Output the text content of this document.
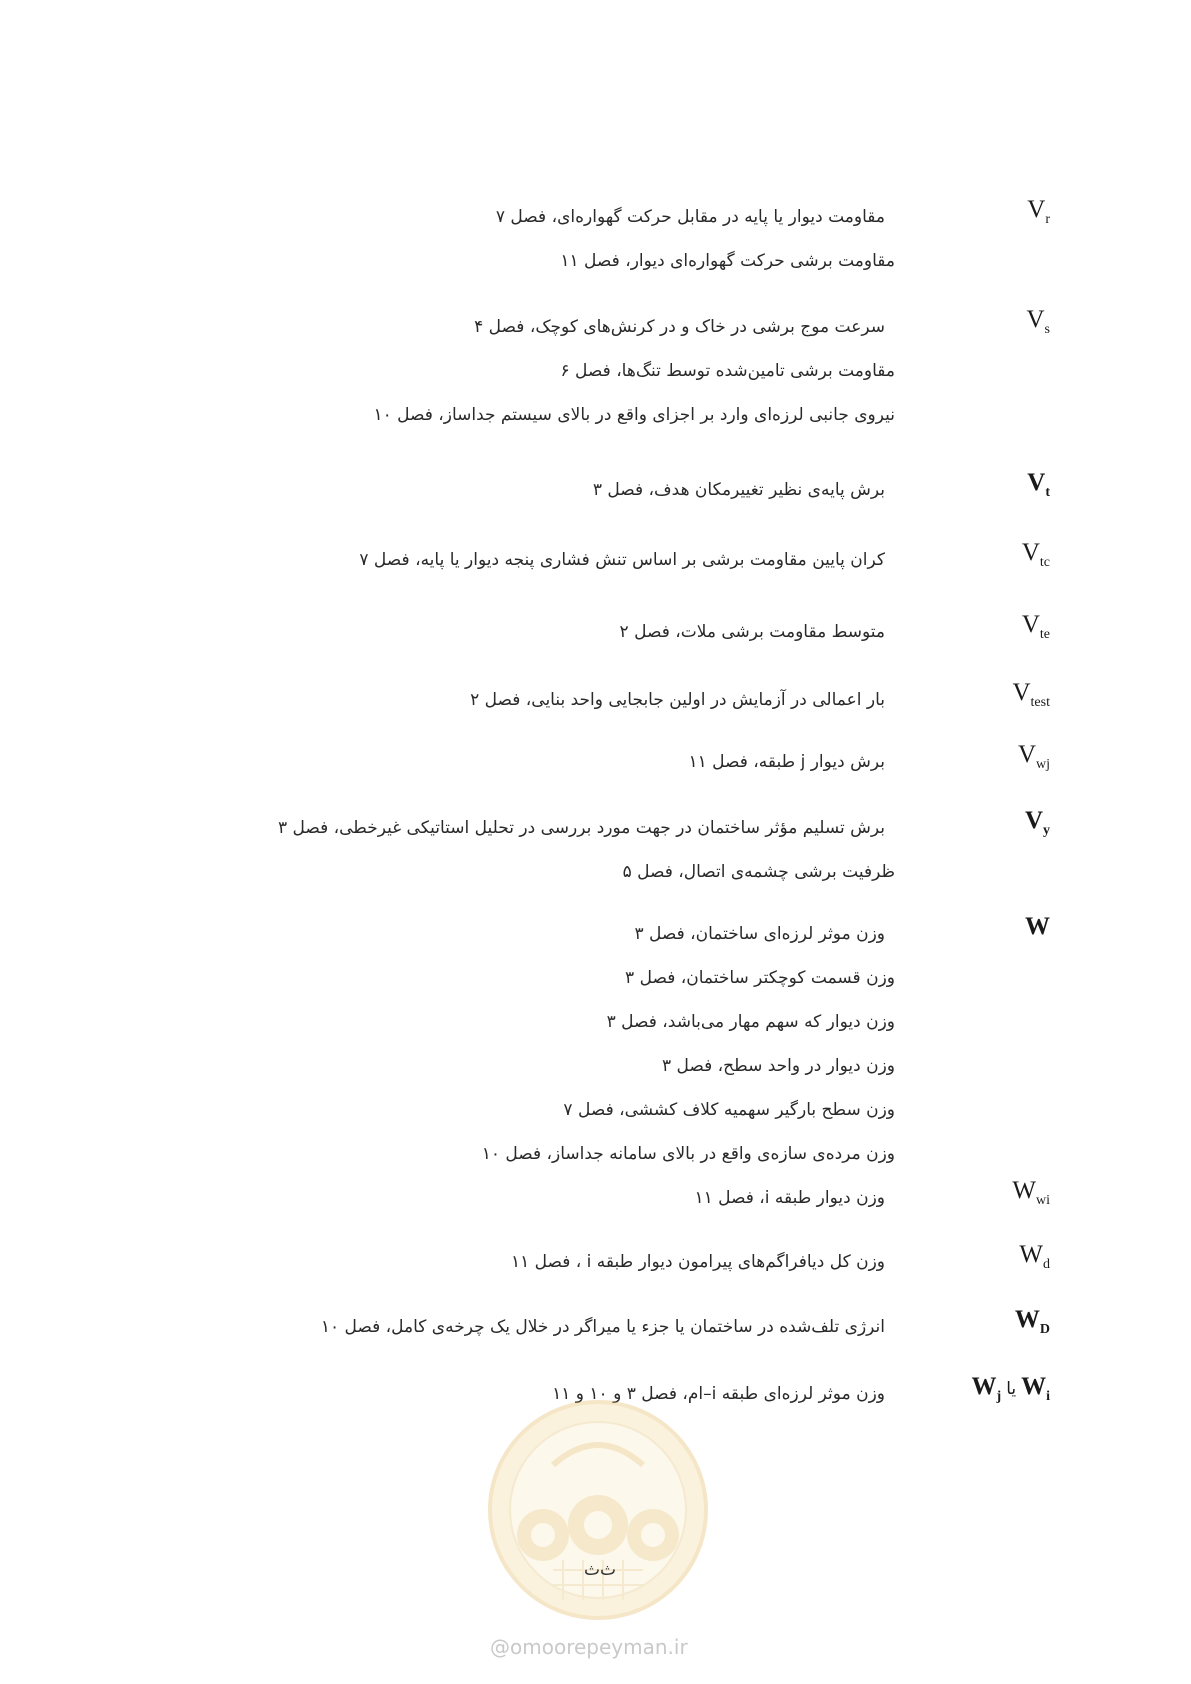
$V_r$
مقاومت دیوار یا پایه در مقابل حرکت گهواره‌ای، فصل ۷
مقاومت برشی حرکت گهواره‌ای دیوار، فصل ۱۱
$V_s$
سرعت موج برشی در خاک و در کرنش‌های کوچک، فصل ۴
مقاومت برشی تامین‌شده توسط تنگ‌ها، فصل ۶
نیروی جانبی لرزه‌ای وارد بر اجزای واقع در بالای سیستم جداساز، فصل ۱۰
$V_t$
برش پایه‌ی نظیر تغییرمکان هدف، فصل ۳
$V_{tc}$
کران پایین مقاومت برشی بر اساس تنش فشاری پنجه دیوار یا پایه، فصل ۷
$V_{te}$
متوسط مقاومت برشی ملات، فصل ۲
$V_{test}$
بار اعمالی در آزمایش در اولین جابجایی واحد بنایی، فصل ۲
$V_{wj}$
برش دیوار j طبقه، فصل ۱۱
$V_y$
برش تسلیم مؤثر ساختمان در جهت مورد بررسی در تحلیل استاتیکی غیرخطی، فصل ۳
ظرفیت برشی چشمه‌ی اتصال، فصل ۵
W
وزن موثر لرزه‌ای ساختمان، فصل ۳
وزن قسمت کوچکتر ساختمان، فصل ۳
وزن دیوار که سهم مهار می‌باشد، فصل ۳
وزن دیوار در واحد سطح، فصل ۳
وزن سطح بارگیر سهمیه کلاف کششی، فصل ۷
وزن مرده‌ی سازه‌ی واقع در بالای سامانه جداساز، فصل ۱۰
$W_{wi}$
وزن دیوار طبقه i، فصل ۱۱
$W_d$
وزن کل دیافراگم‌های پیرامون دیوار طبقه i ، فصل ۱۱
$W_D$
انرژی تلف‌شده در ساختمان یا جزء یا میراگر در خلال یک چرخه‌ی کامل، فصل ۱۰
$W_j$ یا $W_i$
وزن موثر لرزه‌ای طبقه i–ام، فصل ۳ و ۱۰ و ۱۱
@omoorepeyman.ir
ث‌ث
